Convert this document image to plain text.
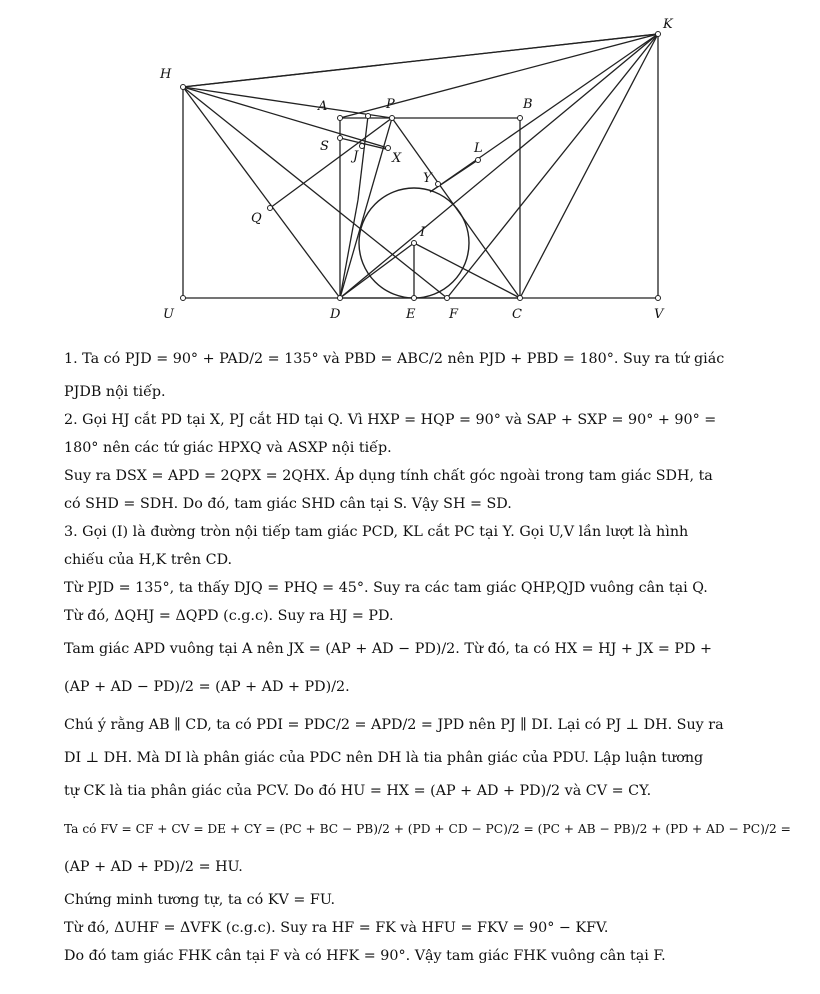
H
K
A	P	B
S
J	X
L
Y
Q
I
U	D	E	F	C	V
1. Ta có PJD = 90° + PAD/2 = 135° và PBD = ABC/2 nên PJD + PBD = 180°. Suy ra tứ giác
PJDB nội tiếp.
2. Gọi HJ cắt PD tại X, PJ cắt HD tại Q. Vì HXP = HQP = 90° và SAP + SXP = 90° + 90° =
180° nên các tứ giác HPXQ và ASXP nội tiếp.
Suy ra DSX = APD = 2QPX = 2QHX. Áp dụng tính chất góc ngoài trong tam giác SDH, ta
có SHD = SDH. Do đó, tam giác SHD cân tại S. Vậy SH = SD.
3. Gọi (I) là đường tròn nội tiếp tam giác PCD, KL cắt PC tại Y. Gọi U,V lần lượt là hình
chiếu của H,K trên CD.
Từ PJD = 135°, ta thấy DJQ = PHQ = 45°. Suy ra các tam giác QHP,QJD vuông cân tại Q.
Từ đó, ΔQHJ = ΔQPD (c.g.c). Suy ra HJ = PD.
Tam giác APD vuông tại A nên JX = (AP + AD − PD)/2. Từ đó, ta có HX = HJ + JX = PD +
(AP + AD − PD)/2 = (AP + AD + PD)/2.
Chú ý rằng AB ∥ CD, ta có PDI = PDC/2 = APD/2 = JPD nên PJ ∥ DI. Lại có PJ ⊥ DH. Suy ra
DI ⊥ DH. Mà DI là phân giác của PDC nên DH là tia phân giác của PDU. Lập luận tương
tự CK là tia phân giác của PCV. Do đó HU = HX = (AP + AD + PD)/2 và CV = CY.
Ta có FV = CF + CV = DE + CY = (PC + BC − PB)/2 + (PD + CD − PC)/2 = (PC + AB − PB)/2 + (PD + AD − PC)/2 =
(AP + AD + PD)/2 = HU.
Chứng minh tương tự, ta có KV = FU.
Từ đó, ΔUHF = ΔVFK (c.g.c). Suy ra HF = FK và HFU = FKV = 90° − KFV.
Do đó tam giác FHK cân tại F và có HFK = 90°. Vậy tam giác FHK vuông cân tại F.
